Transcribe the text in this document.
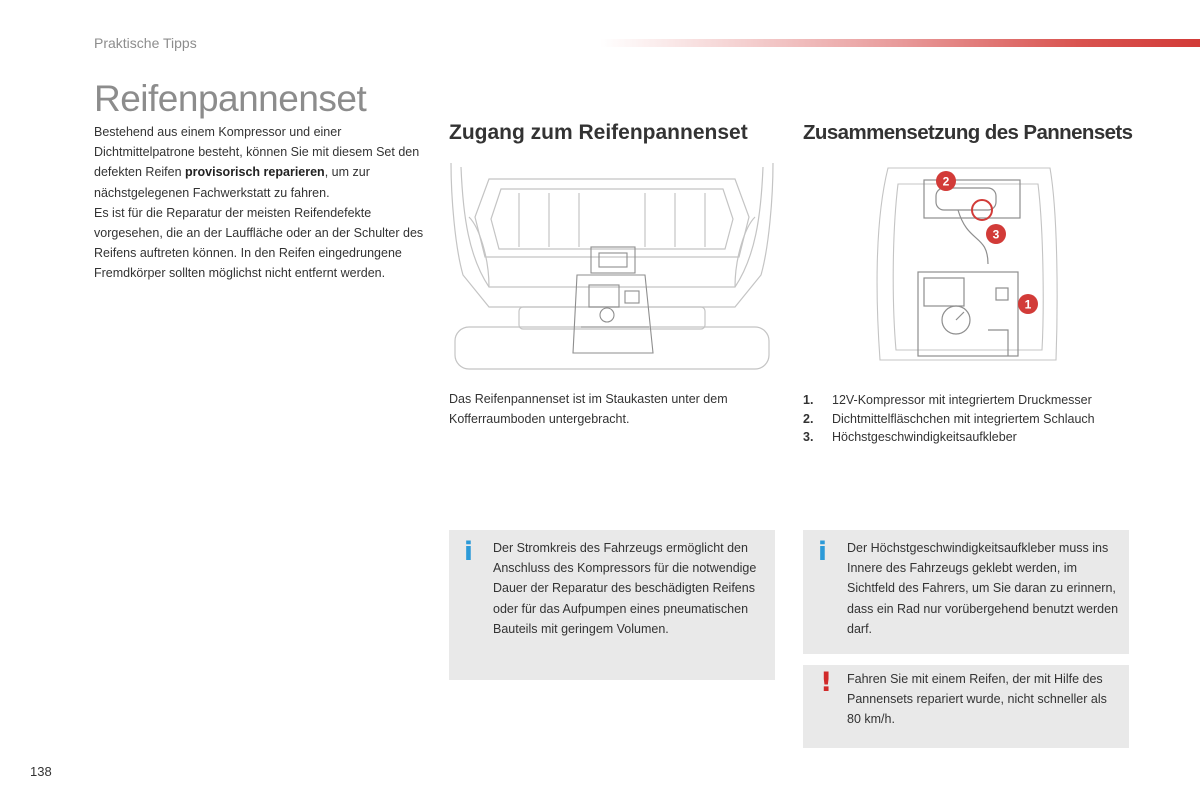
Praktische Tipps
Reifenpannenset

Bestehend aus einem Kompressor und einer Dichtmittelpatrone besteht, können Sie mit diesem Set den defekten Reifen provisorisch reparieren, um zur nächstgelegenen Fachwerkstatt zu fahren.

Es ist für die Reparatur der meisten Reifendefekte vorgesehen, die an der Lauffläche oder an der Schulter des Reifens auftreten können. In den Reifen eingedrungene Fremdkörper sollten möglichst nicht entfernt werden.

Zugang zum Reifenpannenset	Zusammensetzung des Pannensets
2
3
1
Das Reifenpannenset ist im Staukasten unter dem Kofferraumboden untergebracht.
1.	12V-Kompressor mit integriertem Druckmesser
2.	Dichtmittelfläschchen mit integriertem Schlauch
3.	Höchstgeschwindigkeitsaufkleber
i Der Stromkreis des Fahrzeugs ermöglicht den Anschluss des Kompressors für die notwendige Dauer der Reparatur des beschädigten Reifens oder für das Aufpumpen eines pneumatischen Bauteils mit geringem Volumen.
i Der Höchstgeschwindigkeitsaufkleber muss ins Innere des Fahrzeugs geklebt werden, im Sichtfeld des Fahrers, um Sie daran zu erinnern, dass ein Rad nur vorübergehend benutzt werden darf.
! Fahren Sie mit einem Reifen, der mit Hilfe des Pannensets repariert wurde, nicht schneller als 80 km/h.
138
